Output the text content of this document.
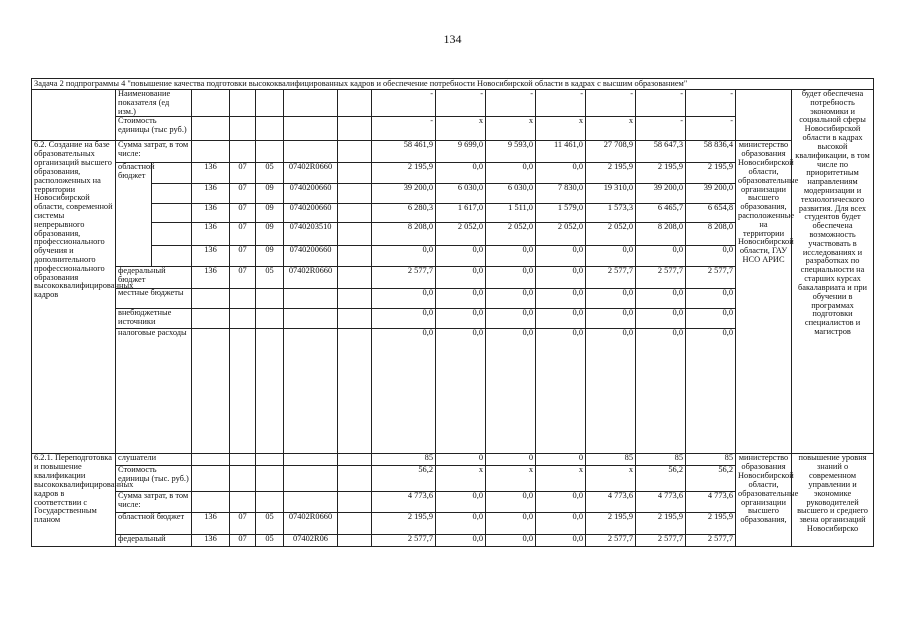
134
Задача 2 подпрограммы 4 "повышение качества подготовки высококвалифицированных кадров и обеспечение потребности Новосибирской области в кадрах с высшим образованием"																
	Наименование показателя (ед изм.)							-	-	-	-	-	-	-		будет обеспечена потребность экономики и социальной сферы Новосибирской области в кадрах высокой квалификации, в том числе по приоритетным направлениям модернизации и технологического развития. Для всех студентов будет обеспечена возможность участвовать в исследованиях и разработках по специальности на старших курсах бакалавриата и при обучении в программах подготовки специалистов и магистров
	Стоимость единицы (тыс руб.)							-	х	х	х	х	-	-		
6.2. Создание на базе образовательных организаций высшего образования, расположенных на территории Новосибирской области, современной системы непрерывного образования, профессионального обучения и дополнительного профессионального образования высококвалифицированных кадров	Сумма затрат, в том числе:							58 461,9	9 699,0	9 593,0	11 461,0	27 708,9	58 647,3	58 836,4	министерство образования Новосибирской области, образовательные организации высшего образования, расположенные на территории Новосибирской области, ГАУ НСО АРИС	
	областной бюджет		136	07	05	07402R0660		2 195,9	0,0	0,0	0,0	2 195,9	2 195,9	2 195,9		
			136	07	09	0740200660		39 200,0	6 030,0	6 030,0	7 830,0	19 310,0	39 200,0	39 200,0		
			136	07	09	0740200660		6 280,3	1 617,0	1 511,0	1 579,0	1 573,3	6 465,7	6 654,8		
			136	07	09	0740203510		8 208,0	2 052,0	2 052,0	2 052,0	2 052,0	8 208,0	8 208,0		
			136	07	09	0740200660		0,0	0,0	0,0	0,0	0,0	0,0	0,0		
	федеральный бюджет		136	07	05	07402R0660		2 577,7	0,0	0,0	0,0	2 577,7	2 577,7	2 577,7		
	местные бюджеты							0,0	0,0	0,0	0,0	0,0	0,0	0,0		
	внебюджетные источники							0,0	0,0	0,0	0,0	0,0	0,0	0,0		
	налоговые расходы							0,0	0,0	0,0	0,0	0,0	0,0	0,0		
6.2.1. Переподготовка и повышение квалификации высококвалифицированных кадров в соответствии с Государственным планом	слушатели							85	0	0	0	85	85	85	министерство образования Новосибирской области, образовательные организации высшего образования,	повышение уровня знаний о современном управлении и экономике руководителей высшего и среднего звена организаций Новосибирско
	Стоимость единицы (тыс. руб.)							56,2	х	х	х	х	56,2	56,2		
	Сумма затрат, в том числе:							4 773,6	0,0	0,0	0,0	4 773,6	4 773,6	4 773,6		
	областной бюджет		136	07	05	07402R0660		2 195,9	0,0	0,0	0,0	2 195,9	2 195,9	2 195,9		
	федеральный		136	07	05	07402R06		2 577,7	0,0	0,0	0,0	2 577,7	2 577,7	2 577,7		
